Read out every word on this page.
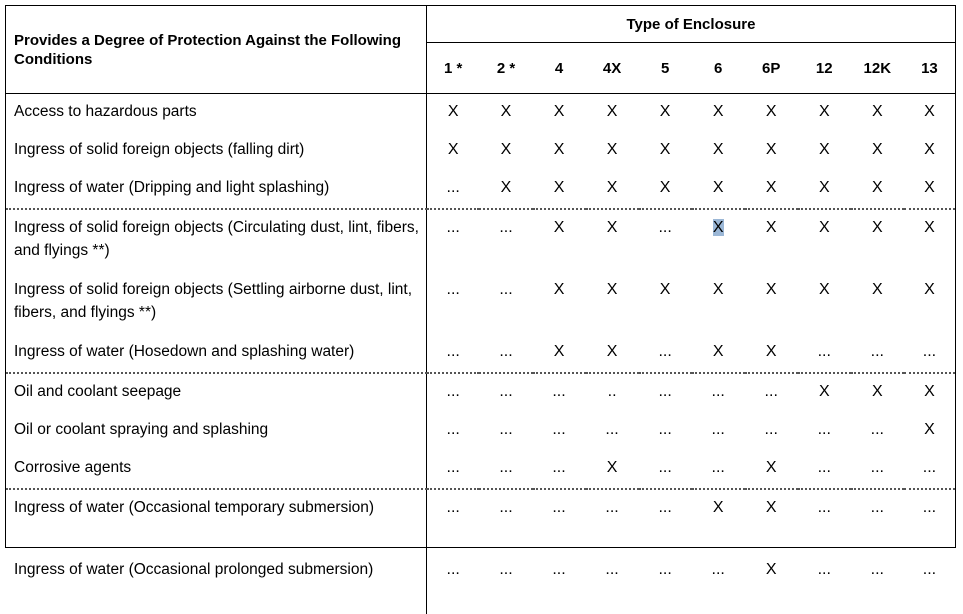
Provides a Degree of Protection Against the Following Conditions	Type of Enclosure									
	1 *	2 *	4	4X	5	6	6P	12	12K	13
Access to hazardous parts	X	X	X	X	X	X	X	X	X	X
Ingress of solid foreign objects (falling dirt)	X	X	X	X	X	X	X	X	X	X
Ingress of water (Dripping and light splashing)	...	X	X	X	X	X	X	X	X	X
Ingress of solid foreign objects (Circulating dust, lint, fibers, and flyings **)	...	...	X	X	...	X	X	X	X	X
Ingress of solid foreign objects (Settling airborne dust, lint, fibers, and flyings **)	...	...	X	X	X	X	X	X	X	X
Ingress of water (Hosedown and splashing water)	...	...	X	X	...	X	X	...	...	...
Oil and coolant seepage	...	...	...	..	...	...	...	X	X	X
Oil or coolant spraying and splashing	...	...	...	...	...	...	...	...	...	X
Corrosive agents	...	...	...	X	...	...	X	...	...	...
Ingress of water (Occasional temporary submersion)	...	...	...	...	...	X	X	...	...	...
Ingress of water (Occasional prolonged submersion)	...	...	...	...	...	...	X	...	...	...
